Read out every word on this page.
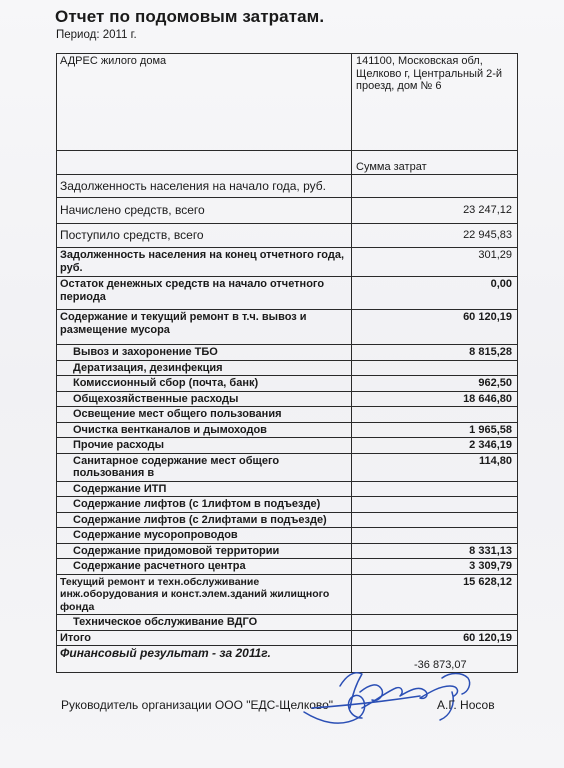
Отчет по подомовым затратам.
Период: 2011 г.
АДРЕС жилого дома	141100, Московская обл, Щелково г, Центральный 2-й проезд, дом № 6
	Сумма затрат
Задолженность населения на начало года, руб.	
Начислено средств, всего	23 247,12
Поступило средств, всего	22 945,83
Задолженность населения на конец отчетного года, руб.	301,29
Остаток денежных средств на начало отчетного периода	0,00
Содержание и текущий ремонт в т.ч. вывоз и размещение мусора	60 120,19
Вывоз и захоронение ТБО	8 815,28
Дератизация, дезинфекция	
Комиссионный сбор (почта, банк)	962,50
Общехозяйственные расходы	18 646,80
Освещение мест общего пользования	
Очистка вентканалов и дымоходов	1 965,58
Прочие расходы	2 346,19
Санитарное содержание мест общего пользования в	114,80
Содержание ИТП	
Содержание лифтов (с 1лифтом в подъезде)	
Содержание лифтов (с 2лифтами в подъезде)	
Содержание мусоропроводов	
Содержание придомовой территории	8 331,13
Содержание расчетного центра	3 309,79
Текущий ремонт и техн.обслуживание инж.оборудования и конст.элем.зданий жилищного фонда	15 628,12
Техническое обслуживание ВДГО	
Итого	60 120,19
Финансовый результат - за 2011г.	-36 873,07
Руководитель организации ООО "ЕДС-Щелково"	А.Г. Носов
